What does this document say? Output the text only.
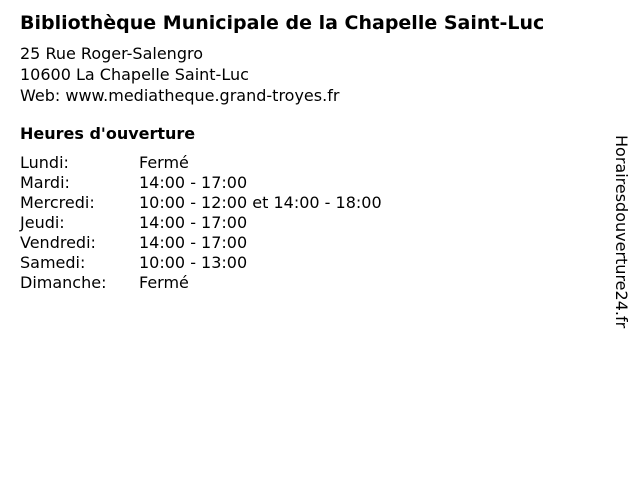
Bibliothèque Municipale de la Chapelle Saint-Luc
25 Rue Roger-Salengro
10600 La Chapelle Saint-Luc
Web: www.mediatheque.grand-troyes.fr
Heures d'ouverture
Lundi:	Fermé
Mardi:	14:00 - 17:00
Mercredi:	10:00 - 12:00 et 14:00 - 18:00
Jeudi:	14:00 - 17:00
Vendredi:	14:00 - 17:00
Samedi:	10:00 - 13:00
Dimanche:	Fermé	Horairesdouverture24.fr
